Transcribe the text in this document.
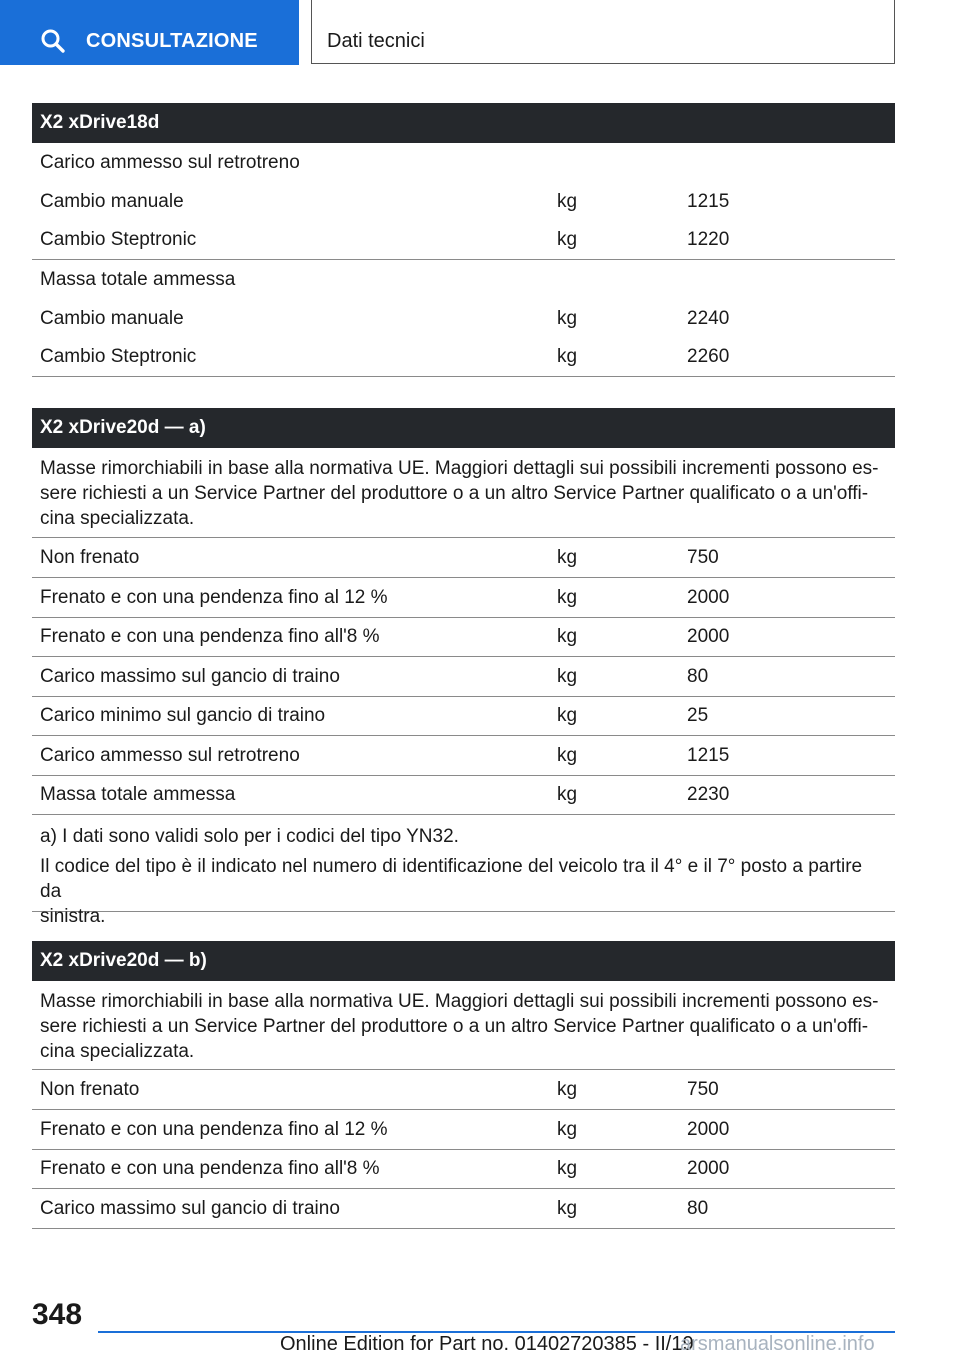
CONSULTAZIONE	Dati tecnici
X2 xDrive18d
Carico ammesso sul retrotreno
Cambio manuale	kg	1215
Cambio Steptronic	kg	1220
Massa totale ammessa
Cambio manuale	kg	2240
Cambio Steptronic	kg	2260
X2 xDrive20d — a)
Masse rimorchiabili in base alla normativa UE. Maggiori dettagli sui possibili incrementi possono es-
sere richiesti a un Service Partner del produttore o a un altro Service Partner qualificato o a un'offi-
cina specializzata.
Non frenato	kg	750
Frenato e con una pendenza fino al 12 %	kg	2000
Frenato e con una pendenza fino all'8 %	kg	2000
Carico massimo sul gancio di traino	kg	80
Carico minimo sul gancio di traino	kg	25
Carico ammesso sul retrotreno	kg	1215
Massa totale ammessa	kg	2230
a) I dati sono validi solo per i codici del tipo YN32.
Il codice del tipo è il indicato nel numero di identificazione del veicolo tra il 4° e il 7° posto a partire da
sinistra.
X2 xDrive20d — b)
Masse rimorchiabili in base alla normativa UE. Maggiori dettagli sui possibili incrementi possono es-
sere richiesti a un Service Partner del produttore o a un altro Service Partner qualificato o a un'offi-
cina specializzata.
Non frenato	kg	750
Frenato e con una pendenza fino al 12 %	kg	2000
Frenato e con una pendenza fino all'8 %	kg	2000
Carico massimo sul gancio di traino	kg	80
348
Online Edition for Part no. 01402720385 - II/19
arsmanualsonline.info
